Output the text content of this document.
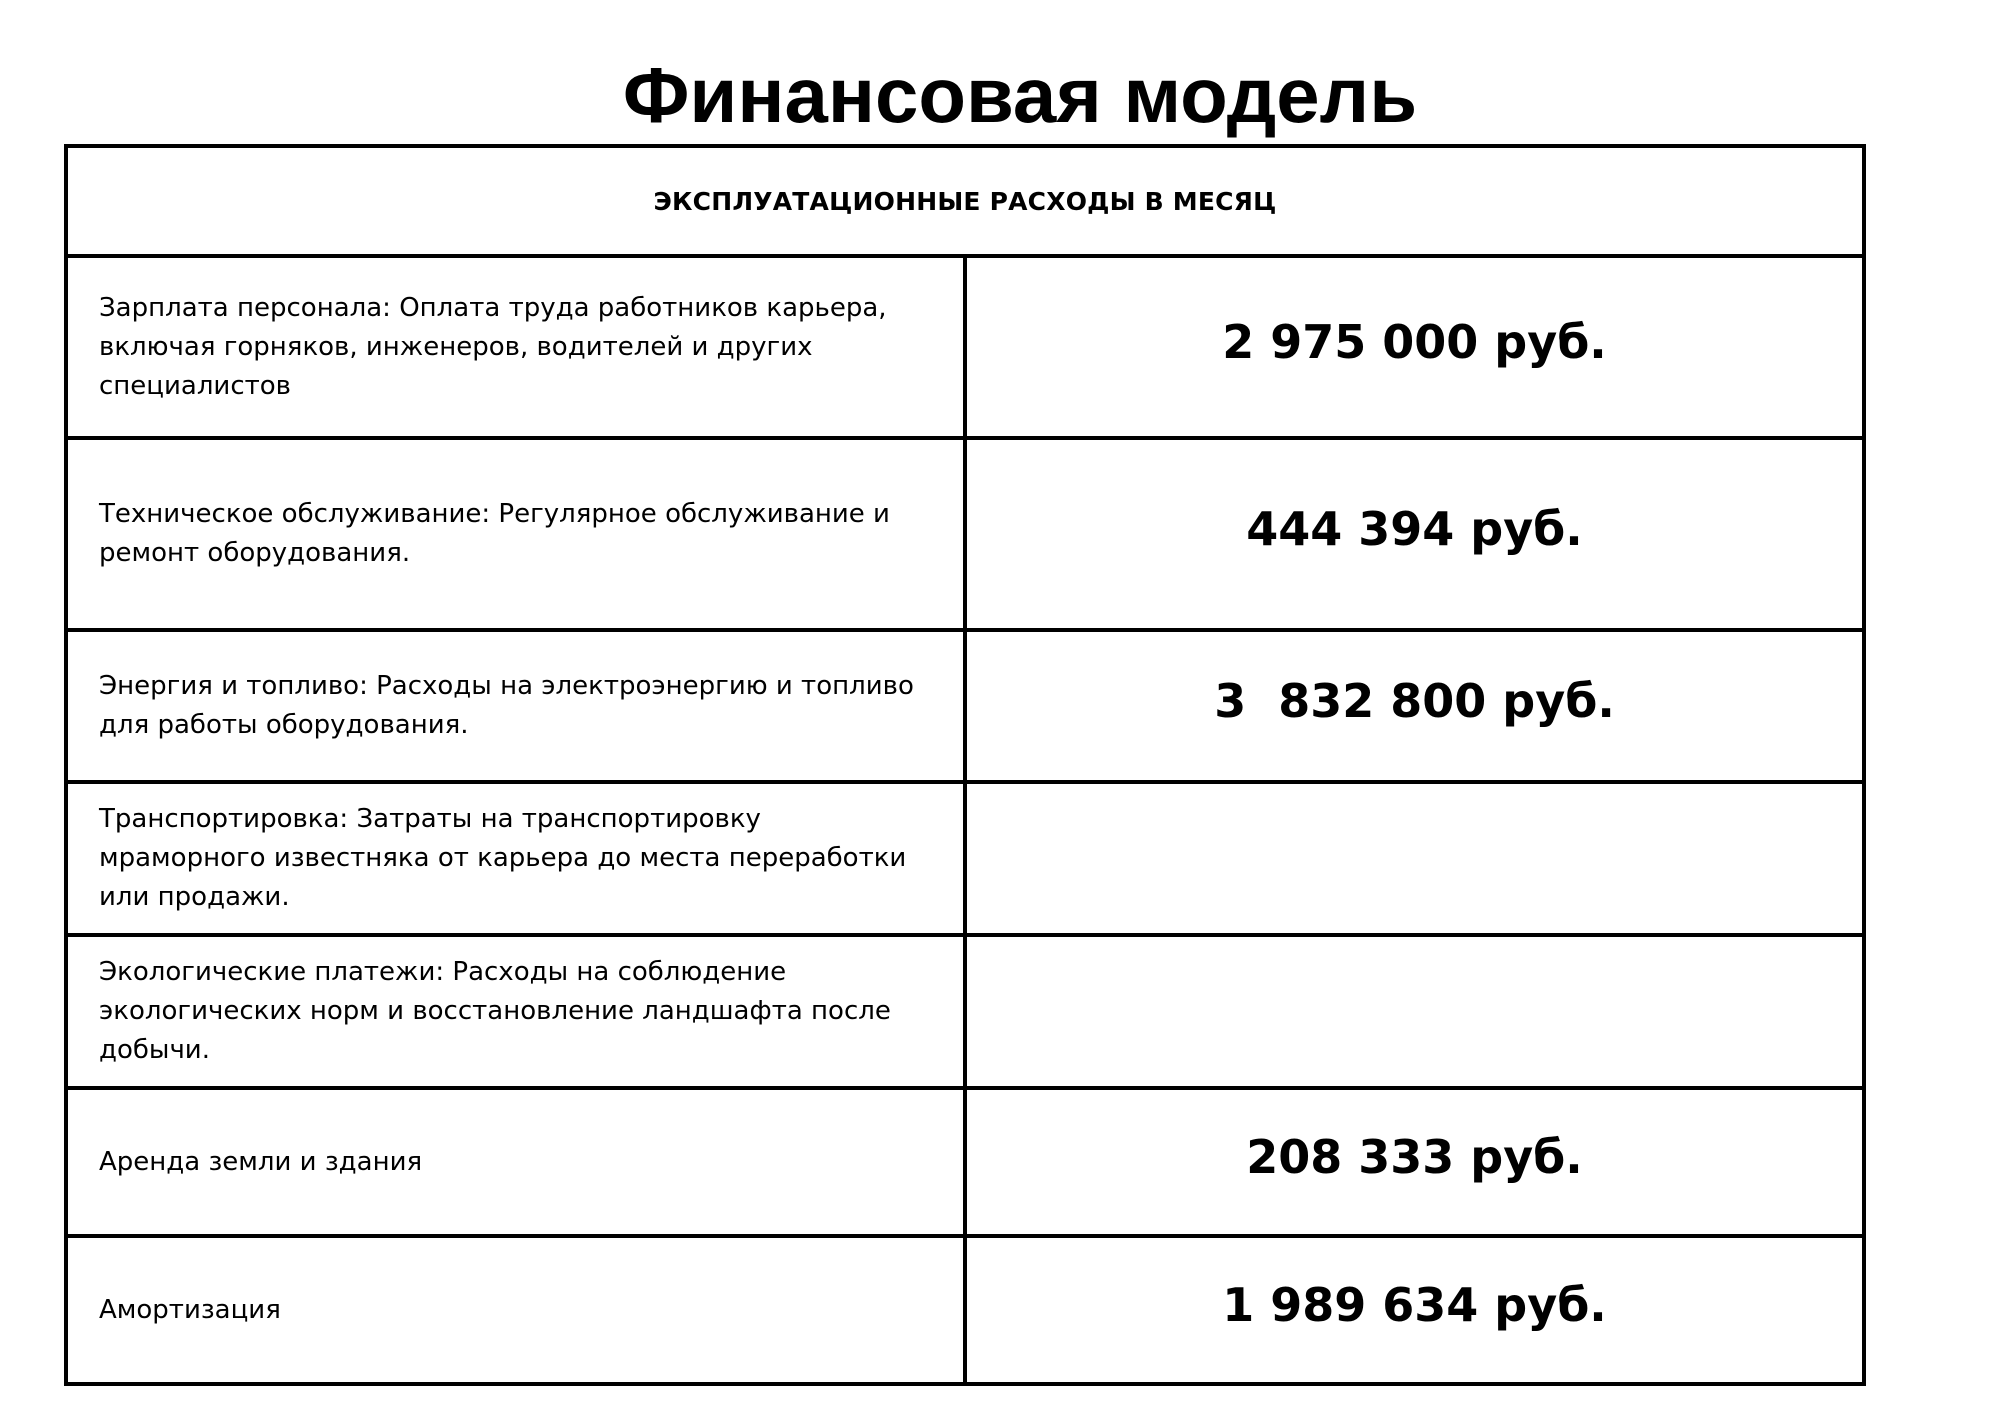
Финансовая модель
ЭКСПЛУАТАЦИОННЫЕ РАСХОДЫ В МЕСЯЦ	
Зарплата персонала: Оплата труда работников карьера, включая горняков, инженеров, водителей и других специалистов	2 975 000 руб.
Техническое обслуживание: Регулярное обслуживание и ремонт оборудования.	444 394 руб.
Энергия и топливо: Расходы на электроэнергию и топливо для работы оборудования.	3  832 800 руб.
Транспортировка: Затраты на транспортировку мраморного известняка от карьера до места переработки или продажи.	
Экологические платежи: Расходы на соблюдение экологических норм и восстановление ландшафта после добычи.	
Аренда земли и здания	208 333 руб.
Амортизация	1 989 634 руб.
